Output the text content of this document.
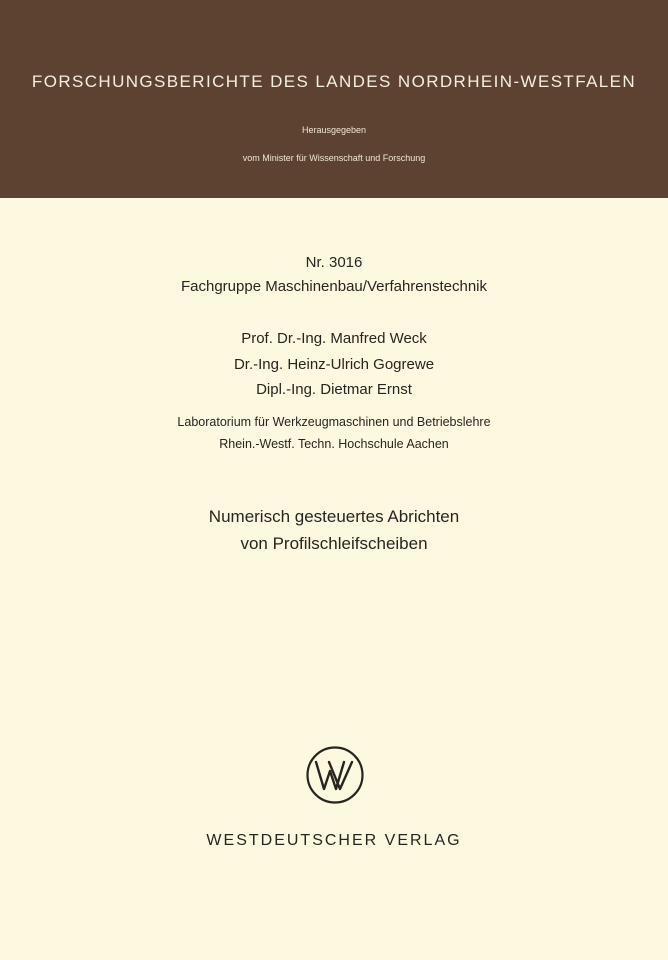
FORSCHUNGSBERICHTE DES LANDES NORDRHEIN-WESTFALEN
Herausgegeben
vom Minister für Wissenschaft und Forschung
Nr. 3016
Fachgruppe Maschinenbau/Verfahrenstechnik
Prof. Dr.-Ing. Manfred Weck
Dr.-Ing. Heinz-Ulrich Gogrewe
Dipl.-Ing. Dietmar Ernst
Laboratorium für Werkzeugmaschinen und Betriebslehre
Rhein.-Westf. Techn. Hochschule Aachen
Numerisch gesteuertes Abrichten
von Profilschleifscheiben
WESTDEUTSCHER VERLAG
